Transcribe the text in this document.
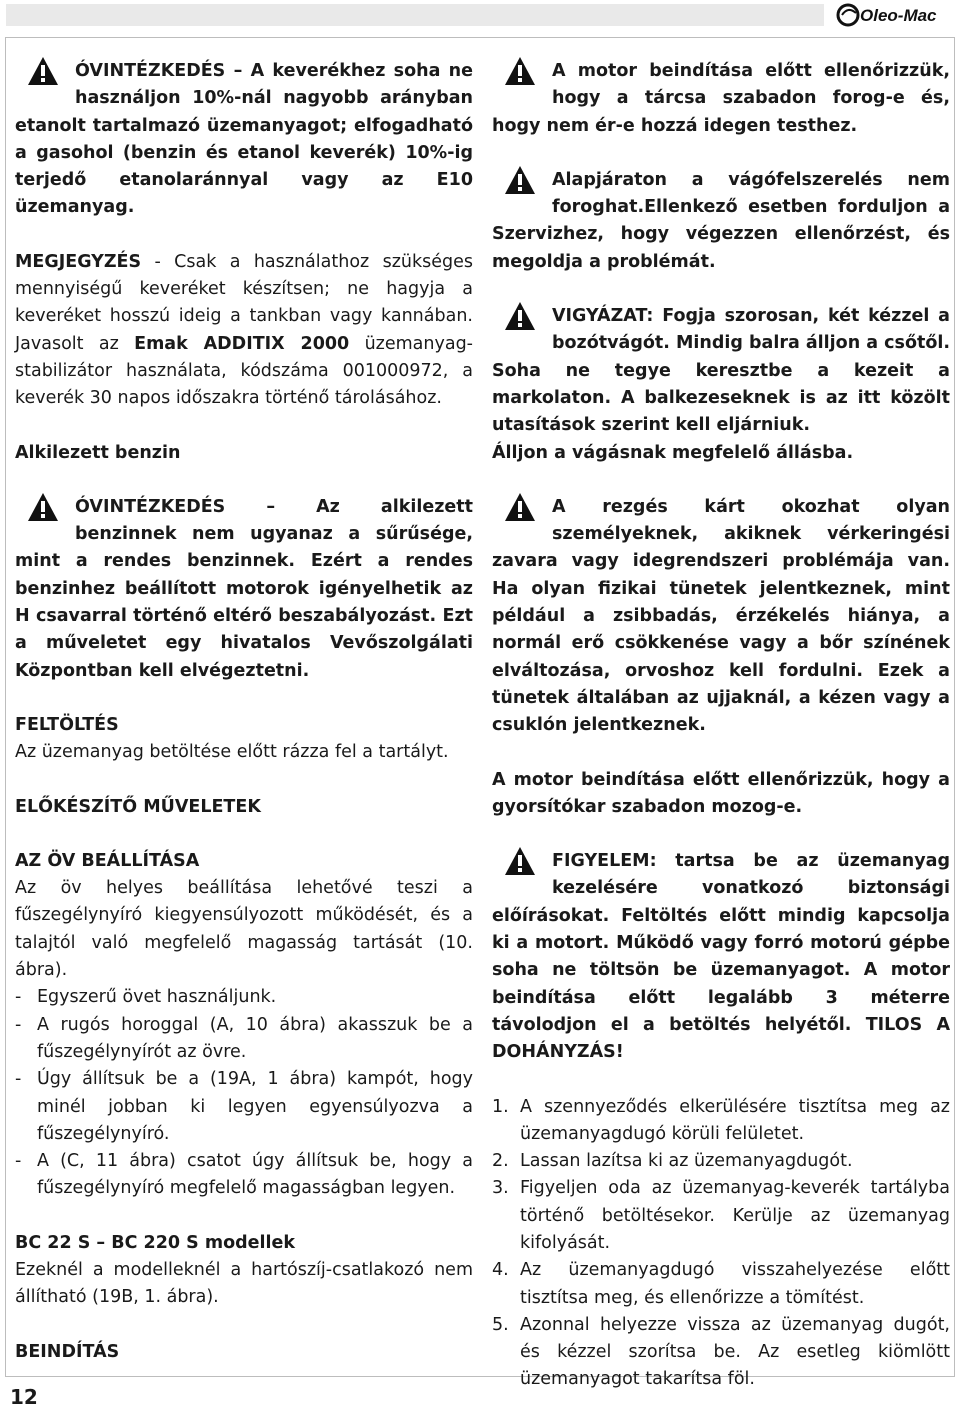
Oleo-Mac

ÓVINTÉZKEDÉS – A keverékhez soha ne használjon 10%-nál nagyobb arányban etanolt tartalmazó üzemanyagot; elfogadható a gasohol (benzin és etanol keverék) 10%-ig terjedő etanolaránnyal vagy az E10 üzemanyag.

MEGJEGYZÉS - Csak a használathoz szükséges mennyiségű keveréket készítsen; ne hagyja a keveréket hosszú ideig a tankban vagy kannában. Javasolt az Emak ADDITIX 2000 üzemanyag-stabilizátor használata, kódszáma 001000972, a keverék 30 napos időszakra történő tárolásához.

Alkilezett benzin

ÓVINTÉZKEDÉS – Az alkilezett benzinnek nem ugyanaz a sűrűsége, mint a rendes benzinnek. Ezért a rendes benzinhez beállított motorok igényelhetik az H csavarral történő eltérő beszabályozást. Ezt a műveletet egy hivatalos Vevőszolgálati Központban kell elvégeztetni.

FELTÖLTÉS

Az üzemanyag betöltése előtt rázza fel a tartályt.

ELŐKÉSZÍTŐ MŰVELETEK

AZ ÖV BEÁLLÍTÁSA

Az öv helyes beállítása lehetővé teszi a fűszegélynyíró kiegyensúlyozott működését, és a talajtól való megfelelő magasság tartását (10. ábra).

- Egyszerű övet használjunk.
- A rugós horoggal (A, 10 ábra) akasszuk be a fűszegélynyírót az övre.
- Úgy állítsuk be a (19A, 1 ábra) kampót, hogy minél jobban ki legyen egyensúlyozva a fűszegélynyíró.
- A (C, 11 ábra) csatot úgy állítsuk be, hogy a fűszegélynyíró megfelelő magasságban legyen.

BC 22 S – BC 220 S modellek

Ezeknél a modelleknél a hartószíj-csatlakozó nem állítható (19B, 1. ábra).

BEINDÍTÁS

A motor beindítása előtt ellenőrizzük, hogy a tárcsa szabadon forog-e és, hogy nem ér-e hozzá idegen testhez.

Alapjáraton a vágófelszerelés nem foroghat.Ellenkező esetben forduljon a Szervizhez, hogy végezzen ellenőrzést, és megoldja a problémát.

VIGYÁZAT: Fogja szorosan, két kézzel a bozótvágót. Mindig balra álljon a csőtől. Soha ne tegye keresztbe a kezeit a markolaton. A balkezeseknek is az itt közölt utasítások szerint kell eljárniuk.

Álljon a vágásnak megfelelő állásba.

A rezgés kárt okozhat olyan személyeknek, akiknek vérkeringési zavara vagy idegrendszeri problémája van. Ha olyan fizikai tünetek jelentkeznek, mint például a zsibbadás, érzékelés hiánya, a normál erő csökkenése vagy a bőr színének elváltozása, orvoshoz kell fordulni. Ezek a tünetek általában az ujjaknál, a kézen vagy a csuklón jelentkeznek.

A motor beindítása előtt ellenőrizzük, hogy a gyorsítókar szabadon mozog-e.

FIGYELEM: tartsa be az üzemanyag kezelésére vonatkozó biztonsági előírásokat. Feltöltés előtt mindig kapcsolja ki a motort. Működő vagy forró motorú gépbe soha ne töltsön be üzemanyagot. A motor beindítása előtt legalább 3 méterre távolodjon el a betöltés helyétől. TILOS A DOHÁNYZÁS!

1. A szennyeződés elkerülésére tisztítsa meg az üzemanyagdugó körüli felületet.
2. Lassan lazítsa ki az üzemanyagdugót.
3. Figyeljen oda az üzemanyag-keverék tartályba történő betöltésekor. Kerülje az üzemanyag kifolyását.
4. Az üzemanyagdugó visszahelyezése előtt tisztítsa meg, és ellenőrizze a tömítést.
5. Azonnal helyezze vissza az üzemanyag dugót, és kézzel szorítsa be. Az esetleg kiömlött üzemanyagot takarítsa föl.
12
